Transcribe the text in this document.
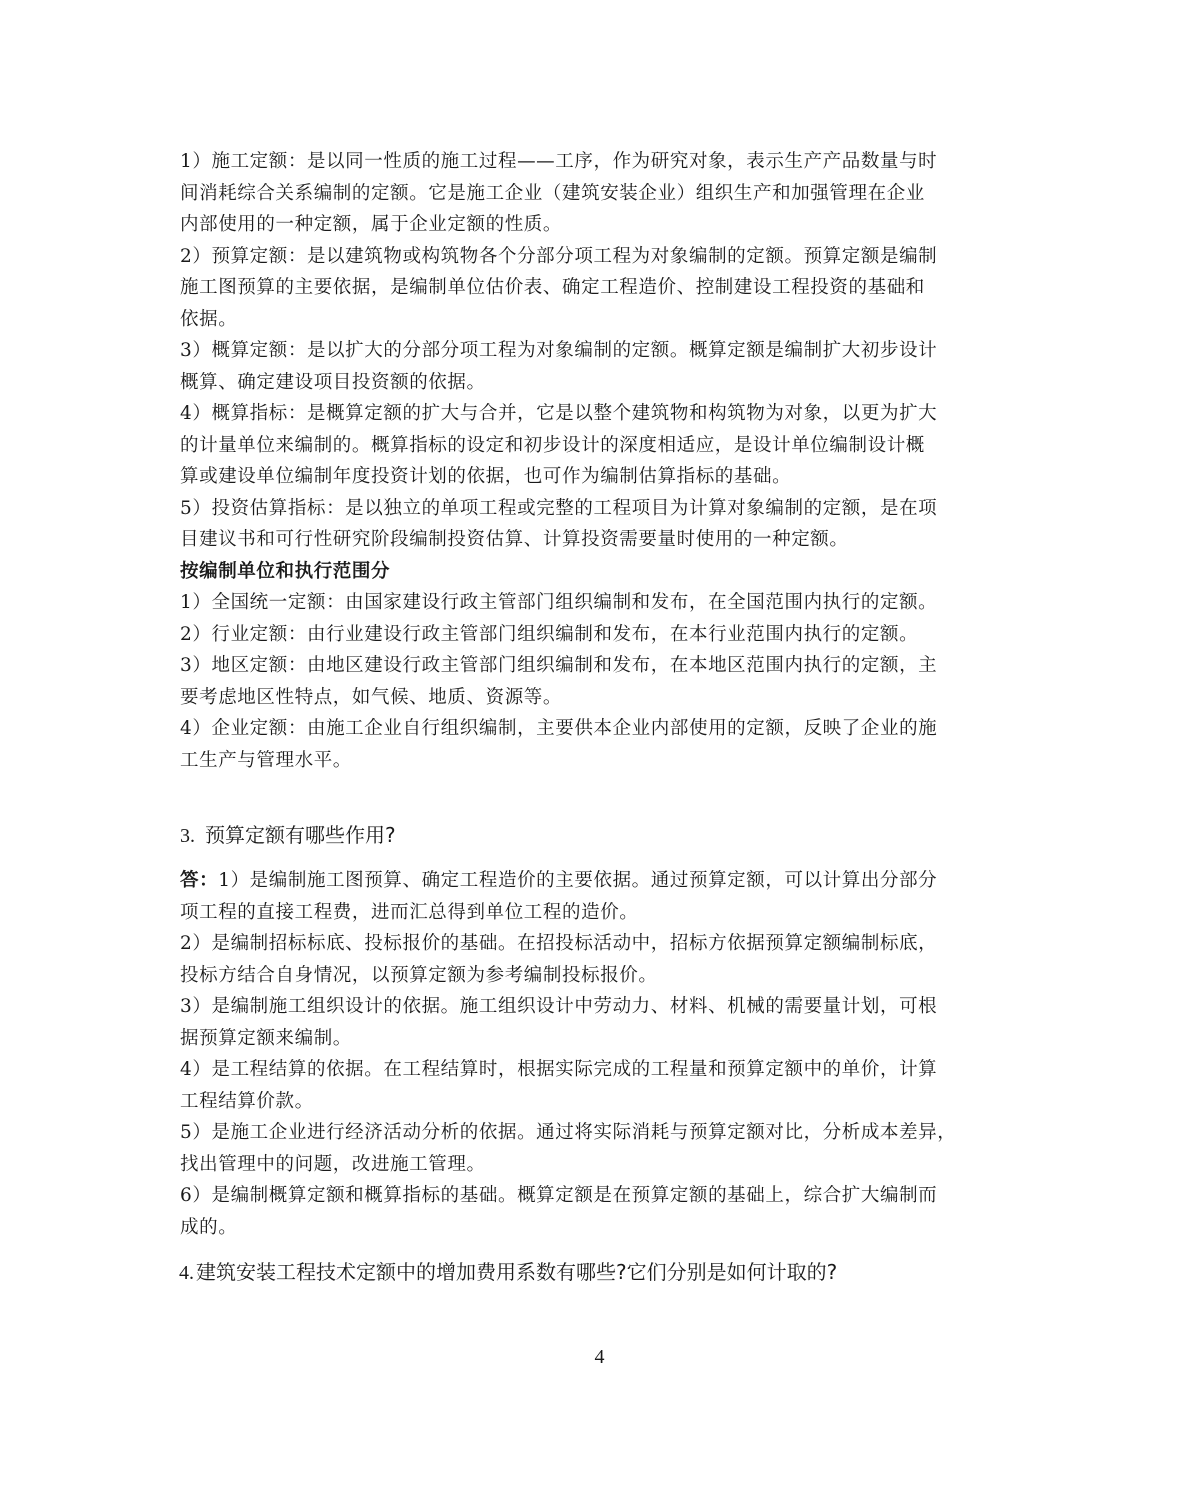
1）施工定额：是以同一性质的施工过程——工序，作为研究对象，表示生产产品数量与时
间消耗综合关系编制的定额。它是施工企业（建筑安装企业）组织生产和加强管理在企业
内部使用的一种定额，属于企业定额的性质。

2）预算定额：是以建筑物或构筑物各个分部分项工程为对象编制的定额。预算定额是编制
施工图预算的主要依据，是编制单位估价表、确定工程造价、控制建设工程投资的基础和
依据。

3）概算定额：是以扩大的分部分项工程为对象编制的定额。概算定额是编制扩大初步设计
概算、确定建设项目投资额的依据。

4）概算指标：是概算定额的扩大与合并，它是以整个建筑物和构筑物为对象，以更为扩大
的计量单位来编制的。概算指标的设定和初步设计的深度相适应，是设计单位编制设计概
算或建设单位编制年度投资计划的依据，也可作为编制估算指标的基础。

5）投资估算指标：是以独立的单项工程或完整的工程项目为计算对象编制的定额，是在项
目建议书和可行性研究阶段编制投资估算、计算投资需要量时使用的一种定额。

按编制单位和执行范围分

1）全国统一定额：由国家建设行政主管部门组织编制和发布，在全国范围内执行的定额。

2）行业定额：由行业建设行政主管部门组织编制和发布，在本行业范围内执行的定额。

3）地区定额：由地区建设行政主管部门组织编制和发布，在本地区范围内执行的定额，主
要考虑地区性特点，如气候、地质、资源等。

4）企业定额：由施工企业自行组织编制，主要供本企业内部使用的定额，反映了企业的施
工生产与管理水平。

3. 预算定额有哪些作用?

答：1）是编制施工图预算、确定工程造价的主要依据。通过预算定额，可以计算出分部分

项工程的直接工程费，进而汇总得到单位工程的造价。

2）是编制招标标底、投标报价的基础。在招投标活动中，招标方依据预算定额编制标底，
投标方结合自身情况，以预算定额为参考编制投标报价。

3）是编制施工组织设计的依据。施工组织设计中劳动力、材料、机械的需要量计划，可根
据预算定额来编制。

4）是工程结算的依据。在工程结算时，根据实际完成的工程量和预算定额中的单价，计算
工程结算价款。

5）是施工企业进行经济活动分析的依据。通过将实际消耗与预算定额对比，分析成本差异，
找出管理中的问题，改进施工管理。

6）是编制概算定额和概算指标的基础。概算定额是在预算定额的基础上，综合扩大编制而
成的。

4. 建筑安装工程技术定额中的增加费用系数有哪些?它们分别是如何计取的?

4
